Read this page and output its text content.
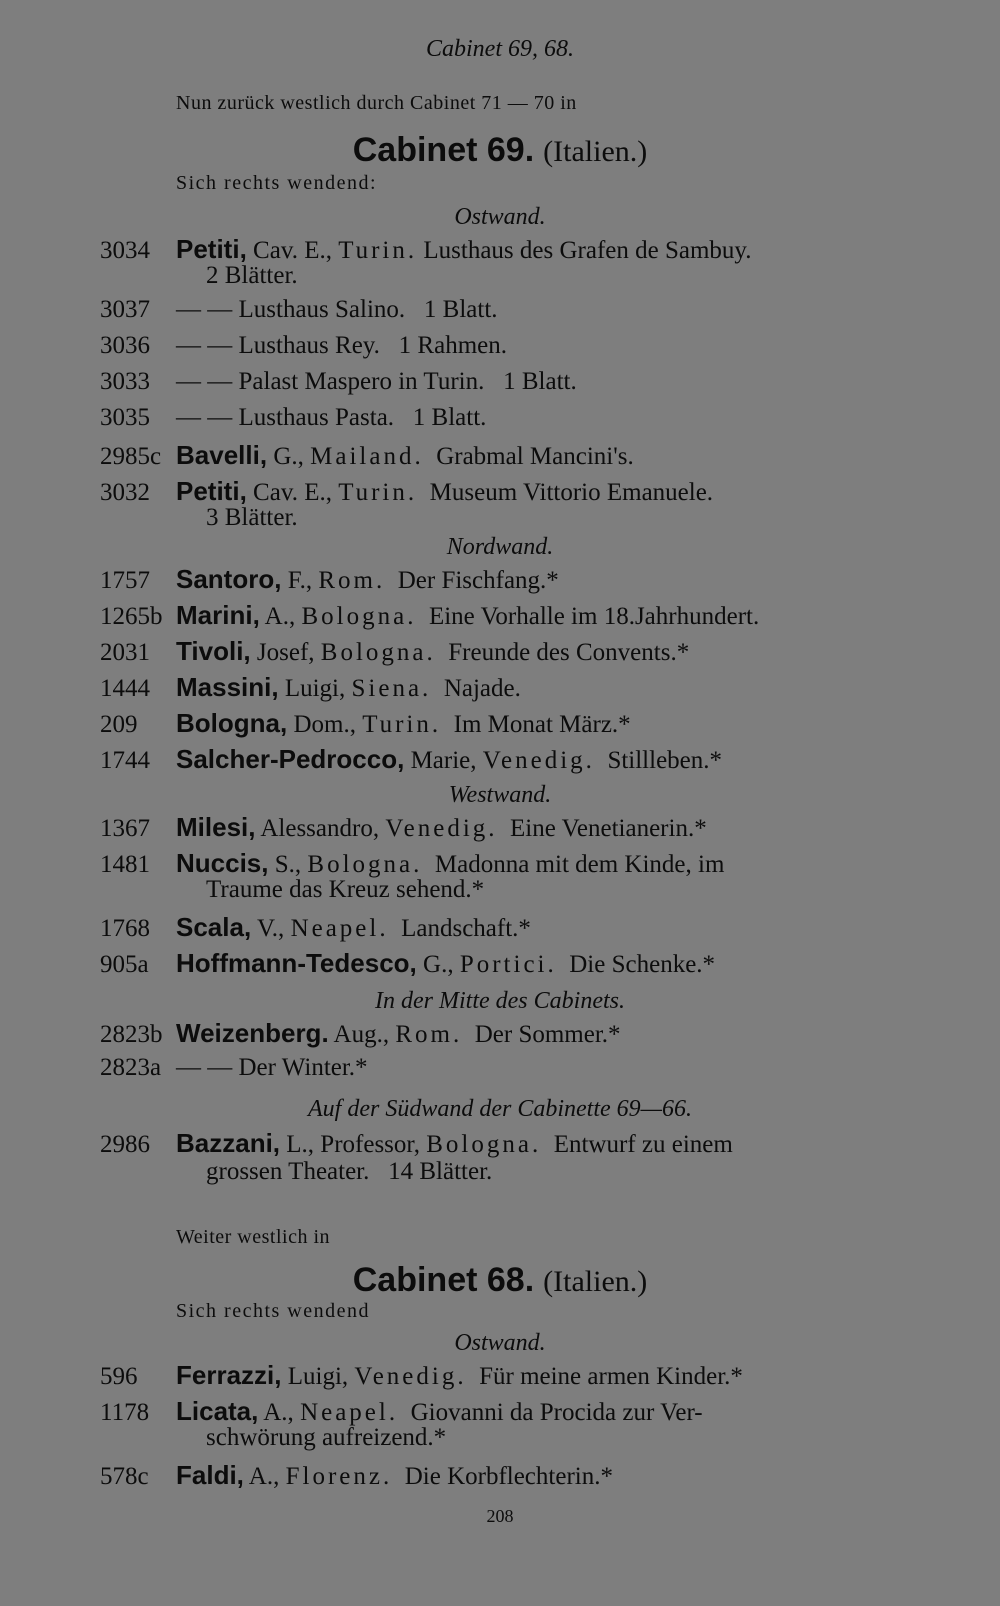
Cabinet 69, 68.
Nun zurück westlich durch Cabinet 71 — 70 in
Cabinet 69. (Italien.)
Sich rechts wendend:
Ostwand.
3034 Petiti, Cav. E., Turin. Lusthaus des Grafen de Sambuy.
2 Blätter.
3037 — — Lusthaus Salino.   1 Blatt.
3036 — — Lusthaus Rey.   1 Rahmen.
3033 — — Palast Maspero in Turin.   1 Blatt.
3035 — — Lusthaus Pasta.   1 Blatt.
2985c Bavelli, G., Mailand.  Grabmal Mancini's.
3032 Petiti, Cav. E., Turin.  Museum Vittorio Emanuele.
3 Blätter.
Nordwand.
1757 Santoro, F., Rom.  Der Fischfang.*
1265b Marini, A., Bologna.  Eine Vorhalle im 18.Jahrhundert.
2031 Tivoli, Josef, Bologna.  Freunde des Convents.*
1444 Massini, Luigi, Siena.  Najade.
209 Bologna, Dom., Turin.  Im Monat März.*
1744 Salcher-Pedrocco, Marie, Venedig.  Stillleben.*
Westwand.
1367 Milesi, Alessandro, Venedig.  Eine Venetianerin.*
1481 Nuccis, S., Bologna.  Madonna mit dem Kinde, im
Traume das Kreuz sehend.*
1768 Scala, V., Neapel.  Landschaft.*
905a Hoffmann-Tedesco, G., Portici.  Die Schenke.*
In der Mitte des Cabinets.
2823b Weizenberg. Aug., Rom.  Der Sommer.*
2823a — — Der Winter.*
Auf der Südwand der Cabinette 69—66.
2986 Bazzani, L., Professor, Bologna.  Entwurf zu einem
grossen Theater.   14 Blätter.
Weiter westlich in
Cabinet 68. (Italien.)
Sich rechts wendend
Ostwand.
596 Ferrazzi, Luigi, Venedig.  Für meine armen Kinder.*
1178 Licata, A., Neapel.  Giovanni da Procida zur Ver-
schwörung aufreizend.*
578c Faldi, A., Florenz.  Die Korbflechterin.*
208
